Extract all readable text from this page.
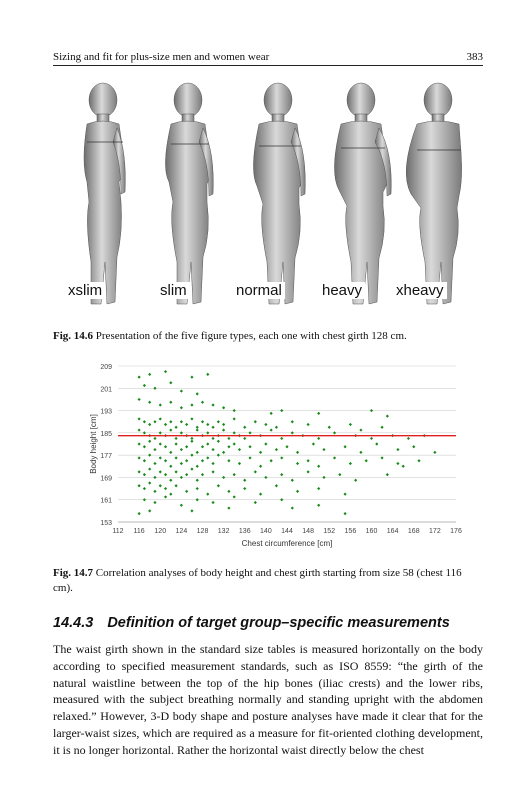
Sizing and fit for plus-size men and women wear	383
xslim	slim	normal	heavy xheavy
Fig. 14.6 Presentation of the five figure types, each one with chest girth 128 cm.
209
201
193
185
177
169
161
153
112 116 120 124 128 132 136 140 144 148 152 156 160 164 168 172 176
Chest circumference [cm]
Body height [cm]
Fig. 14.7 Correlation analyses of body height and chest girth starting from size 58 (chest 116 cm).
14.4.3 Definition of target group–specific measurements
The waist girth shown in the standard size tables is measured horizontally on the body according to specified measurement standards, such as ISO 8559: “the girth of the natural waistline between the top of the hip bones (iliac crests) and the lower ribs, measured with the subject breathing normally and standing upright with the abdomen relaxed.” However, 3-D body shape and posture analyses have made it clear that for the larger-waist sizes, which are required as a measure for fit-oriented clothing development, it is no longer horizontal. Rather the horizontal waist directly below the chest
